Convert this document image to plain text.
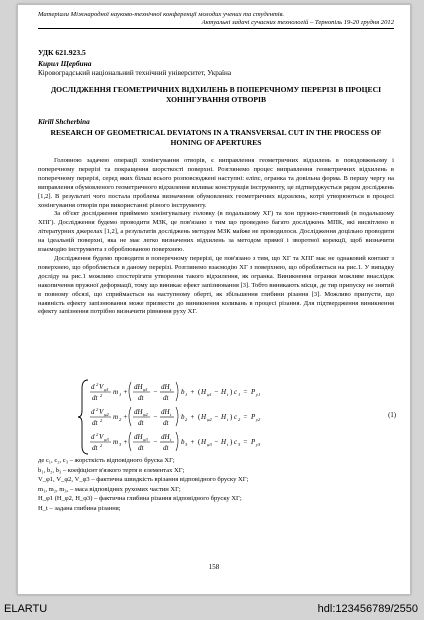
Матеріали Міжнародної науково-технічної конференції молодих учених та студентів.
Актуальні задачі сучасних технологій – Тернопіль 19-20 грудня 2012
УДК 621.923.5
Кирил Щербина
Кіровоградський національний технічний університет, Україна
ДОСЛІДЖЕННЯ ГЕОМЕТРИЧНИХ ВІДХИЛЕНЬ В ПОПЕРЕЧНОМУ ПЕРЕРІЗІ В ПРОЦЕСІ ХОНІНГУВАННЯ ОТВОРІВ
Kirill Shcherbina
RESEARCH OF GEOMETRICAL DEVIATONS IN A TRANSVERSAL CUT IN THE PROCESS OF HONING OF APERTURES

Головною задачею операції хонінгування отворів, є виправлення геометричних відхилень в повздовжньому і поперечному перерізі та покращення шорсткості поверхні. Розглянемо процес виправлення геометричних відхилень в поперечному перерізі, серед яких більш всього розповсюджені наступні: еліпс, огранка та довільна форма. В першу чергу на виправлення обумовленого геометричного відхилення впливає конструкція інструменту, це підтверджується рядом досліджень [1,2]. В результаті чого постала проблема визначення обумовлених геометричних відхилень, котрі утворюються в процесі хонінгування отворів при використанні різного інструменту.

За об'єкт дослідження приймемо хонінгувальну головку (в подальшому ХГ) та хон пружно-гвинтовий (в подальшому ХПГ). Дослідження будемо проводити МЗК, це пов'язано з тим що проведено багато досліджень МПК, які висвітлено в літературних джерелах [1,2], а результатів досліджень методом МЗК майже не проводилося. Дослідження доцільно проводити на ідеальній поверхні, яка не має легко визначених відхилень за методом прямої і зворотної корекції, щоб визначити взаємодію інструмента з оброблюваною поверхнею.

Дослідження будемо проводити в поперечному перерізі, це пов'язано з тим, що ХГ та ХПГ має не однаковий контакт з поверхнею, що обробляється в даному перерізі. Розглянемо взаємодію ХГ з поверхнею, що обробляється на рис.1. У випадку досліду на рис.1 можливо спостерігати утворення такого відхилення, як огранка. Виникнення огранки можливе внаслідок накопичення пружної деформації, тому що виникає ефект запізнювання [3]. Тобто виникають місця, де тир припуску не знятий в повному обсязі, що сприймається на наступному оберті, як збільшення глибини різання [3]. Можливо припусти, що наявність ефекту запізнювання може призвести до виникнення коливань в процесі різання. Для підтвердження виникнення ефекту запізнення потрібно визначити рівняння руху ХГ.

d 2 V φ1
dt 2 m 1 +
dH φ1
dt
−
dH t
dt
b 1 + ( H φ1 − H t ) c 1 = P y1
d 2 V φ2
dt 2 m 2 +
dH φ2
dt
−
dH t
dt
b 2 + ( H φ2 − H t ) c 2 = P y2
d 2 V φ3
dt 2 m 3 +
dH φ3
dt
−
dH t
dt
b 3 + ( H φ3 − H t ) c 3 = P y3
(1)
де c₁, c₂, c₃ – жорсткість відповідного бруска ХГ;
b₁, b₂, b₃ – коефіцієнт в'язкого тертя в елементах ХГ;
V_φ1, V_φ2, V_φ3 – фактична швидкість врізання відповідного бруску ХГ;
m₁, m₂, m₃, – маса відповідних рухомих частин ХГ;
H_φ1 (H_φ2, H_φ3) – фактична глибина різання відповідного бруску ХГ;
H_t – задана глибина різання;
158
ELARTU	hdl:123456789/2550
